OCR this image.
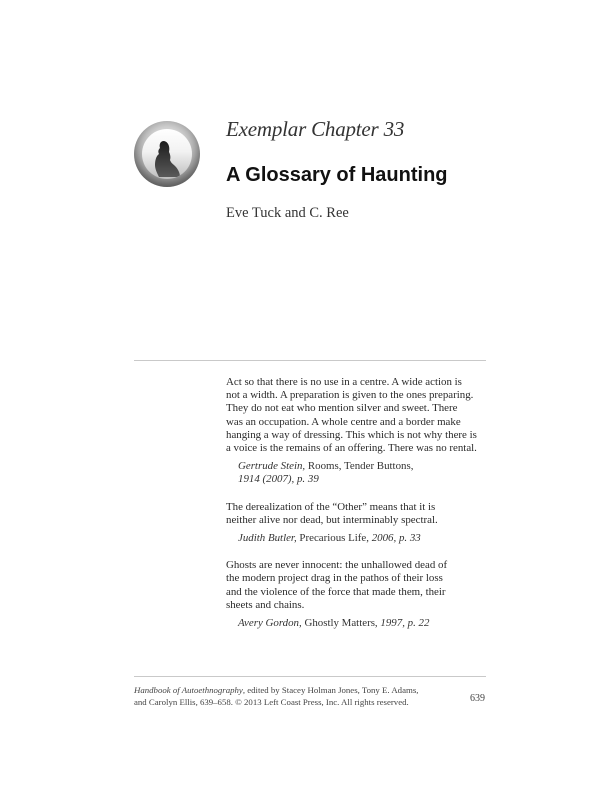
Exemplar Chapter 33
A Glossary of Haunting
Eve Tuck and C. Ree

Act so that there is no use in a centre. A wide action is

not a width. A preparation is given to the ones preparing.

They do not eat who mention silver and sweet. There

was an occupation. A whole centre and a border make

hanging a way of dressing. This which is not why there is

a voice is the remains of an offering. There was no rental.

Gertrude Stein, Rooms, Tender Buttons,
1914 (2007), p. 39

The derealization of the “Other” means that it is

neither alive nor dead, but interminably spectral.

Judith Butler, Precarious Life, 2006, p. 33

Ghosts are never innocent: the unhallowed dead of

the modern project drag in the pathos of their loss

and the violence of the force that made them, their

sheets and chains.

Avery Gordon, Ghostly Matters, 1997, p. 22
Handbook of Autoethnography, edited by Stacey Holman Jones, Tony E. Adams,
and Carolyn Ellis, 639–658. © 2013 Left Coast Press, Inc. All rights reserved.	639
